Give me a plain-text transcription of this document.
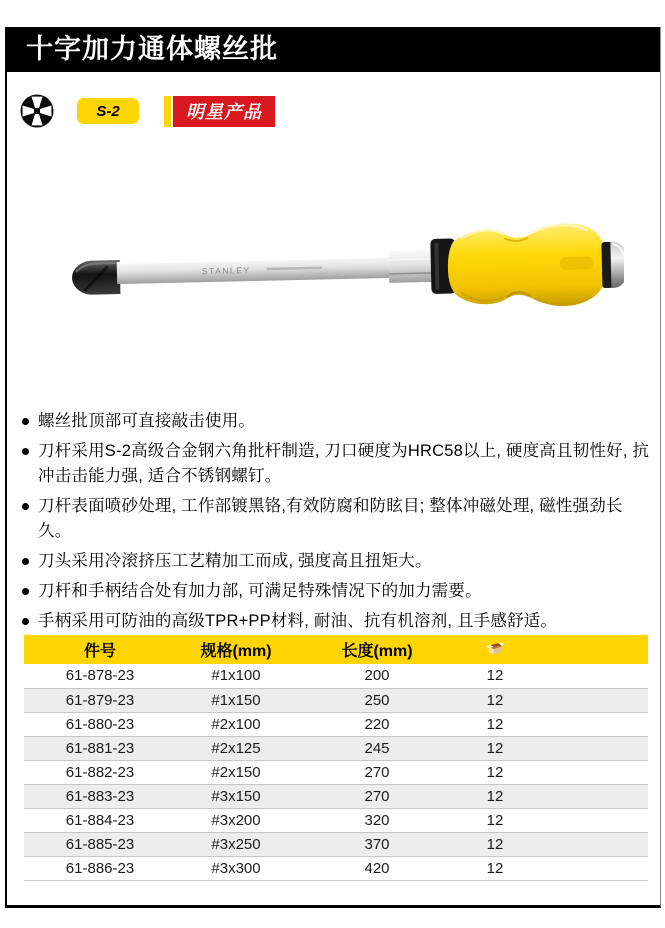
十字加力通体螺丝批
S-2	明星产品
STANLEY
螺丝批顶部可直接敲击使用。
刀杆采用S-2高级合金钢六角批杆制造, 刀口硬度为HRC58以上, 硬度高且韧性好, 抗冲击击能力强, 适合不锈钢螺钉。
刀杆表面喷砂处理, 工作部镀黑铬,有效防腐和防眩目; 整体冲磁处理, 磁性强劲长久。
刀头采用冷滚挤压工艺精加工而成, 强度高且扭矩大。
刀杆和手柄结合处有加力部, 可满足特殊情况下的加力需要。
手柄采用可防油的高级TPR+PP材料, 耐油、抗有机溶剂, 且手感舒适。
件号	规格(mm)	长度(mm)		
61-878-23	#1x100	200	12	
61-879-23	#1x150	250	12	
61-880-23	#2x100	220	12	
61-881-23	#2x125	245	12	
61-882-23	#2x150	270	12	
61-883-23	#3x150	270	12	
61-884-23	#3x200	320	12	
61-885-23	#3x250	370	12	
61-886-23	#3x300	420	12	
